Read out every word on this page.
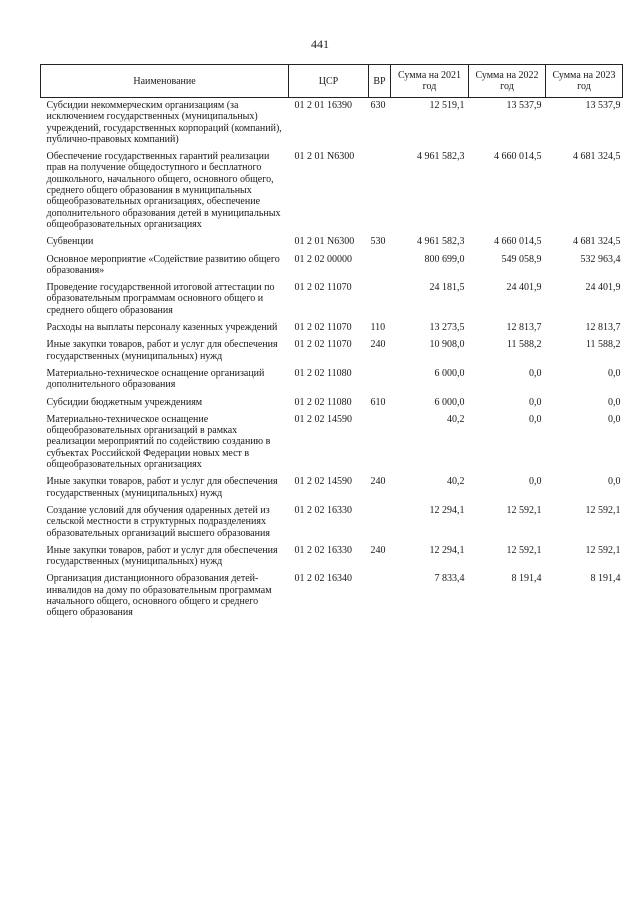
441
Наименование	ЦСР	ВР	Сумма на 2021 год	Сумма на 2022 год	Сумма на 2023 год
Субсидии некоммерческим организациям (за исключением государственных (муниципальных) учреждений, государственных корпораций (компаний), публично-правовых компаний)	01 2 01 16390	630	12 519,1	13 537,9	13 537,9
Обеспечение государственных гарантий реализации прав на получение общедоступного и бесплатного дошкольного, начального общего, основного общего, среднего общего образования в муниципальных общеобразовательных организациях, обеспечение дополнительного образования детей в муниципальных общеобразовательных организациях	01 2 01 N6300		4 961 582,3	4 660 014,5	4 681 324,5
Субвенции	01 2 01 N6300	530	4 961 582,3	4 660 014,5	4 681 324,5
Основное мероприятие «Содействие развитию общего образования»	01 2 02 00000		800 699,0	549 058,9	532 963,4
Проведение государственной итоговой аттестации по образовательным программам основного общего и среднего общего образования	01 2 02 11070		24 181,5	24 401,9	24 401,9
Расходы на выплаты персоналу казенных учреждений	01 2 02 11070	110	13 273,5	12 813,7	12 813,7
Иные закупки товаров, работ и услуг для обеспечения государственных (муниципальных) нужд	01 2 02 11070	240	10 908,0	11 588,2	11 588,2
Материально-техническое оснащение организаций дополнительного образования	01 2 02 11080		6 000,0	0,0	0,0
Субсидии бюджетным учреждениям	01 2 02 11080	610	6 000,0	0,0	0,0
Материально-техническое оснащение общеобразовательных организаций в рамках реализации мероприятий по содействию созданию в субъектах Российской Федерации новых мест в общеобразовательных организациях	01 2 02 14590		40,2	0,0	0,0
Иные закупки товаров, работ и услуг для обеспечения государственных (муниципальных) нужд	01 2 02 14590	240	40,2	0,0	0,0
Создание условий для обучения одаренных детей из сельской местности в структурных подразделениях образовательных организаций высшего образования	01 2 02 16330		12 294,1	12 592,1	12 592,1
Иные закупки товаров, работ и услуг для обеспечения государственных (муниципальных) нужд	01 2 02 16330	240	12 294,1	12 592,1	12 592,1
Организация дистанционного образования детей-инвалидов на дому по образовательным программам начального общего, основного общего и среднего общего образования	01 2 02 16340		7 833,4	8 191,4	8 191,4
